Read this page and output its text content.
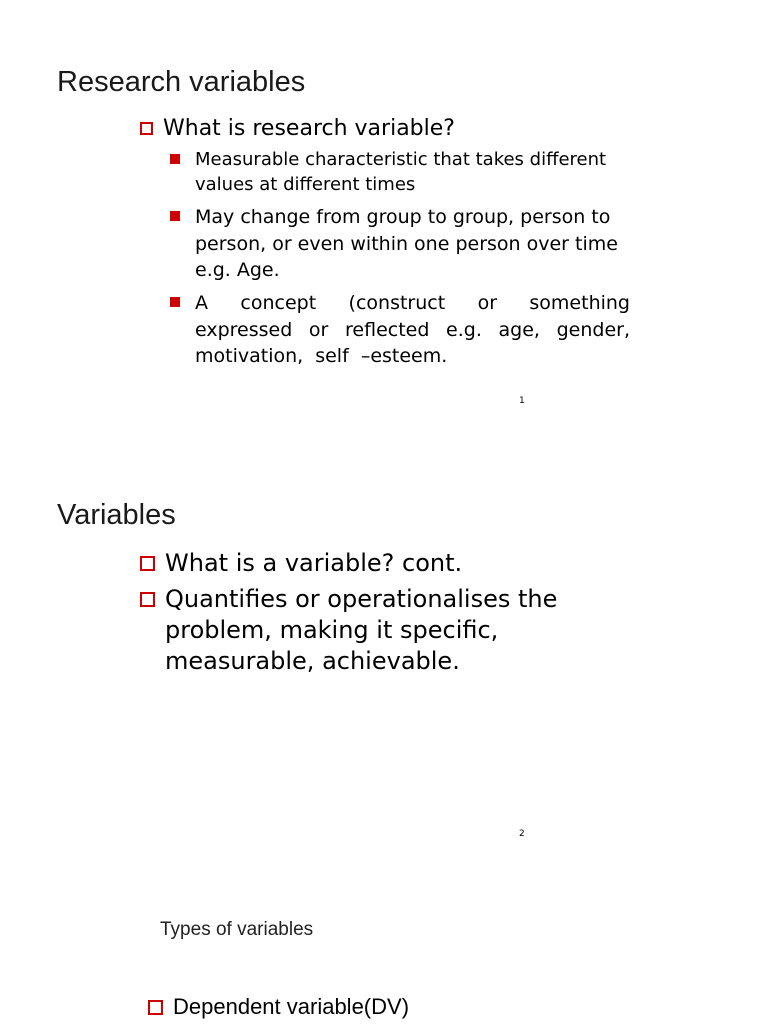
Research variables
What is research variable?
Measurable characteristic that takes different values at different times
May change from group to group, person to person, or even within one person over time e.g. Age.
A concept (construct or something expressed or reflected e.g. age, gender, motivation, self –esteem.
1
Variables
What is a variable? cont.
Quantifies or operationalises the problem, making it specific, measurable, achievable.
2
Types of variables
Dependent variable(DV)
